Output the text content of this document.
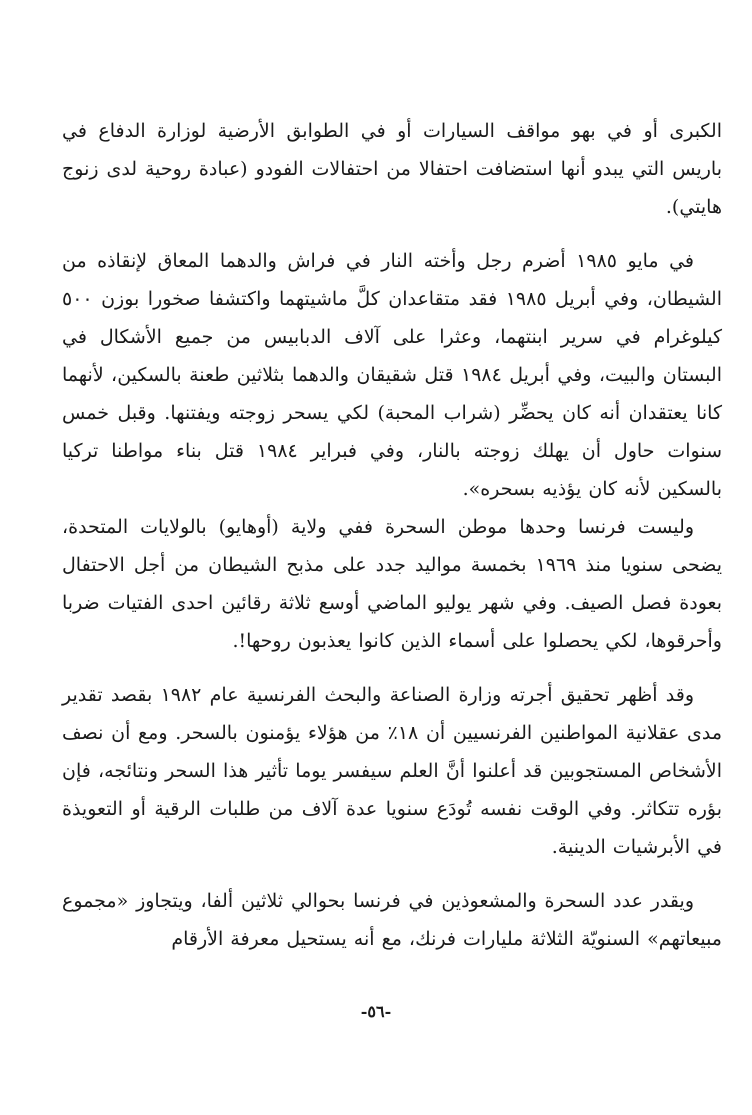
الكبرى أو في بهو مواقف السيارات أو في الطوابق الأرضية لوزارة الدفاع في باريس التي يبدو أنها استضافت احتفالا من احتفالات الفودو (عبادة روحية لدى زنوج هايتي).

في مايو ١٩٨٥ أضرم رجل وأخته النار في فراش والدهما المعاق لإنقاذه من الشيطان، وفي أبريل ١٩٨٥ فقد متقاعدان كلَّ ماشيتهما واكتشفا صخورا بوزن ٥٠٠ كيلوغرام في سرير ابنتهما، وعثرا على آلاف الدبابيس من جميع الأشكال في البستان والبيت، وفي أبريل ١٩٨٤ قتل شقيقان والدهما بثلاثين طعنة بالسكين، لأنهما كانا يعتقدان أنه كان يحضِّر (شراب المحبة) لكي يسحر زوجته ويفتنها. وقبل خمس سنوات حاول أن يهلك زوجته بالنار، وفي فبراير ١٩٨٤ قتل بناء مواطنا تركيا بالسكين لأنه كان يؤذيه بسحره».

وليست فرنسا وحدها موطن السحرة ففي ولاية (أوهايو) بالولايات المتحدة، يضحى سنويا منذ ١٩٦٩ بخمسة مواليد جدد على مذبح الشيطان من أجل الاحتفال بعودة فصل الصيف. وفي شهر يوليو الماضي أوسع ثلاثة رقائين احدى الفتيات ضربا وأحرقوها، لكي يحصلوا على أسماء الذين كانوا يعذبون روحها!.

وقد أظهر تحقيق أجرته وزارة الصناعة والبحث الفرنسية عام ١٩٨٢ بقصد تقدير مدى عقلانية المواطنين الفرنسيين أن ١٨٪ من هؤلاء يؤمنون بالسحر. ومع أن نصف الأشخاص المستجوبين قد أعلنوا أنَّ العلم سيفسر يوما تأثير هذا السحر ونتائجه، فإن بؤره تتكاثر. وفي الوقت نفسه تُودَع سنويا عدة آلاف من طلبات الرقية أو التعويذة في الأبرشيات الدينية.

ويقدر عدد السحرة والمشعوذين في فرنسا بحوالي ثلاثين ألفا، ويتجاوز «مجموع مبيعاتهم» السنويّة الثلاثة مليارات فرنك، مع أنه يستحيل معرفة الأرقام

-٥٦-
